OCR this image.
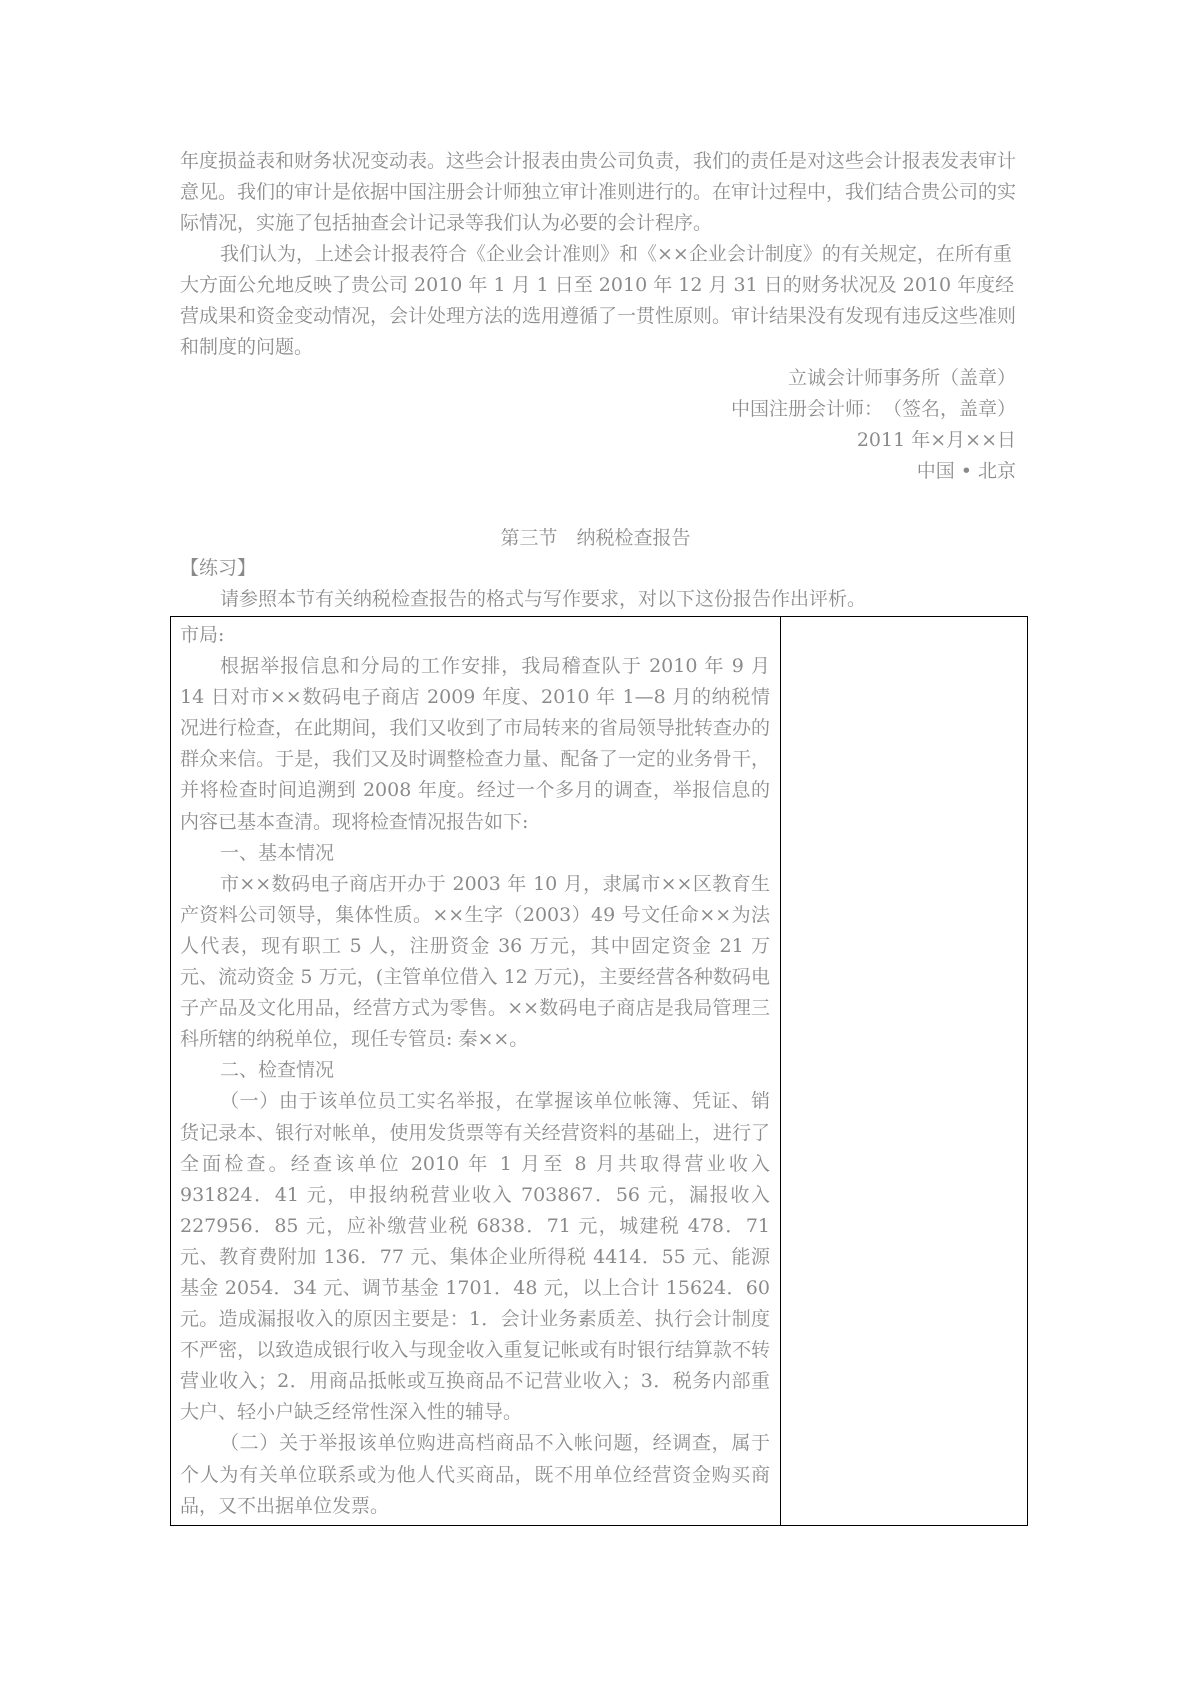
年度损益表和财务状况变动表。这些会计报表由贵公司负责，我们的责任是对这些会计报表发表审计意见。我们的审计是依据中国注册会计师独立审计准则进行的。在审计过程中，我们结合贵公司的实际情况，实施了包括抽查会计记录等我们认为必要的会计程序。

我们认为，上述会计报表符合《企业会计准则》和《××企业会计制度》的有关规定，在所有重大方面公允地反映了贵公司 2010 年 1 月 1 日至 2010 年 12 月 31 日的财务状况及 2010 年度经营成果和资金变动情况，会计处理方法的选用遵循了一贯性原则。审计结果没有发现有违反这些准则和制度的问题。

立诚会计师事务所（盖章）
中国注册会计师：　（签名，盖章）
2011 年×月××日
中国 • 北京
第三节　纳税检查报告
【练习】
请参照本节有关纳税检查报告的格式与写作要求，对以下这份报告作出评析。

市局:

根据举报信息和分局的工作安排，我局稽查队于 2010 年 9 月 14 日对市××数码电子商店 2009 年度、2010 年 1—8 月的纳税情况进行检查，在此期间，我们又收到了市局转来的省局领导批转查办的群众来信。于是，我们又及时调整检查力量、配备了一定的业务骨干，并将检查时间追溯到 2008 年度。经过一个多月的调查，举报信息的内容已基本查清。现将检查情况报告如下:

一、基本情况

市××数码电子商店开办于 2003 年 10 月，隶属市××区教育生产资料公司领导，集体性质。××生字（2003）49 号文任命××为法人代表，现有职工 5 人，注册资金 36 万元，其中固定资金 21 万元、流动资金 5 万元，(主管单位借入 12 万元)，主要经营各种数码电子产品及文化用品，经营方式为零售。××数码电子商店是我局管理三科所辖的纳税单位，现任专管员: 秦××。

二、检查情况

（一）由于该单位员工实名举报，在掌握该单位帐簿、凭证、销货记录本、银行对帐单，使用发货票等有关经营资料的基础上，进行了全面检查。经查该单位 2010 年 1 月至 8 月共取得营业收入 931824．41 元，申报纳税营业收入 703867．56 元，漏报收入 227956．85 元，应补缴营业税 6838．71 元，城建税 478．71 元、教育费附加 136．77 元、集体企业所得税 4414．55 元、能源基金 2054．34 元、调节基金 1701．48 元，以上合计 15624．60 元。造成漏报收入的原因主要是：1．会计业务素质差、执行会计制度不严密，以致造成银行收入与现金收入重复记帐或有时银行结算款不转营业收入；2．用商品抵帐或互换商品不记营业收入；3．税务内部重大户、轻小户缺乏经常性深入性的辅导。

（二）关于举报该单位购进高档商品不入帐问题，经调查，属于个人为有关单位联系或为他人代买商品，既不用单位经营资金购买商品，又不出据单位发票。
